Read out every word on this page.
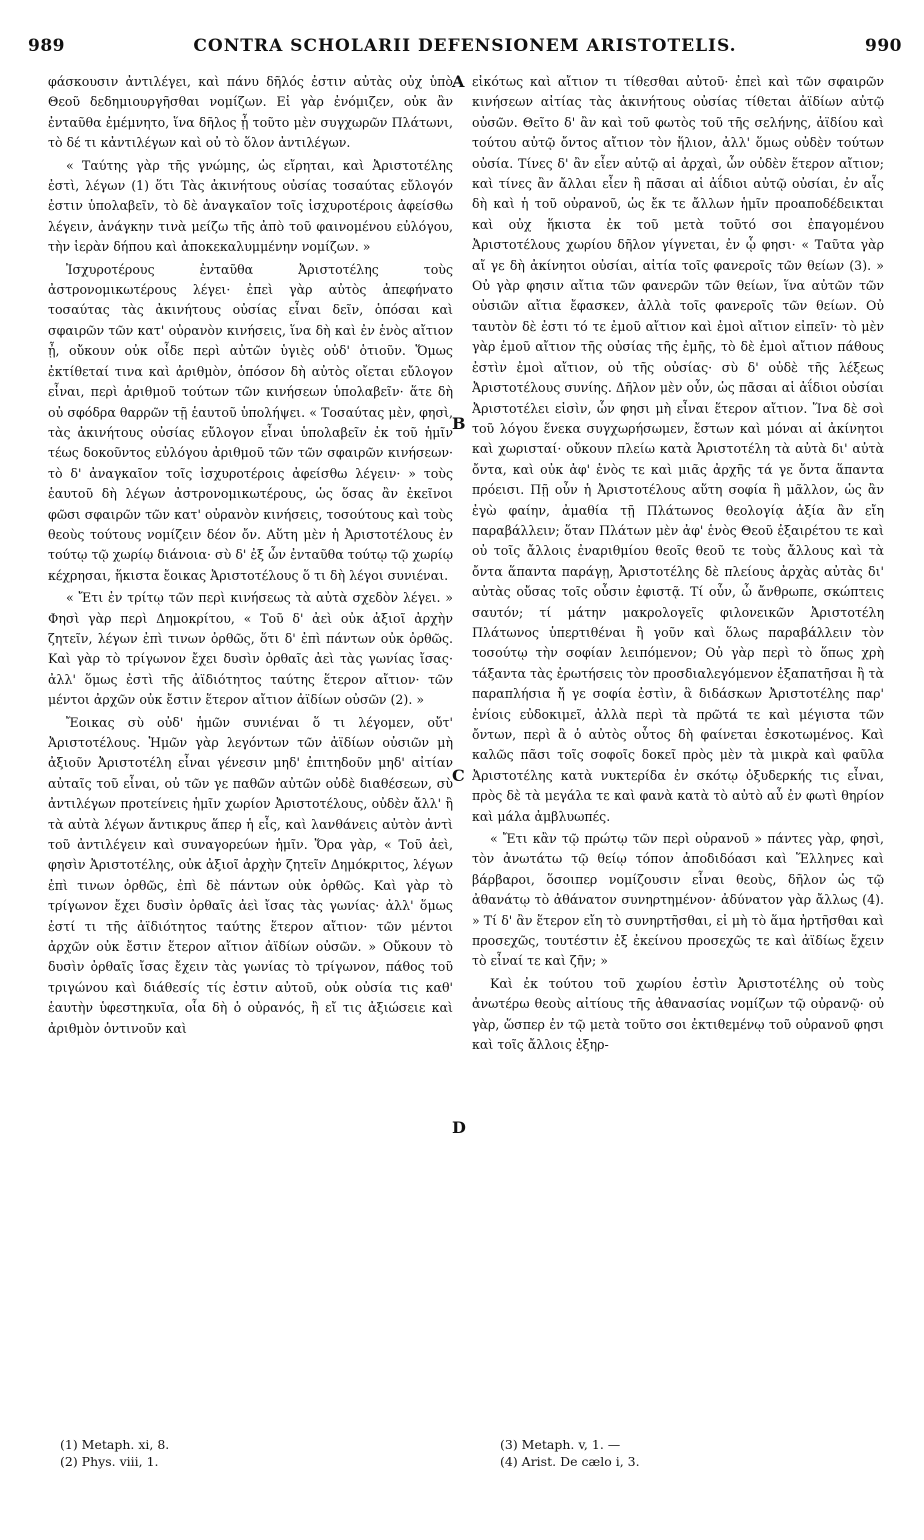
989	CONTRA SCHOLARII DEFENSIONEM ARISTOTELIS.	990

φάσκουσιν ἀντιλέγει, καὶ πάνυ δῆλός ἐστιν αὐτὰς οὐχ ὑπὸ Θεοῦ δεδημιουργῆσθαι νομίζων. Εἰ γὰρ ἐνόμιζεν, οὐκ ἂν ἐνταῦθα ἐμέμνητο, ἵνα δῆλος ᾖ τοῦτο μὲν συγχωρῶν Πλάτωνι, τὸ δέ τι κἀντιλέγων καὶ οὐ τὸ ὅλον ἀντιλέγων.

« Ταύτης γὰρ τῆς γνώμης, ὡς εἴρηται, καὶ Ἀριστοτέλης ἐστὶ, λέγων (1) ὅτι Τὰς ἀκινήτους οὐσίας τοσαύτας εὔλογόν ἐστιν ὑπολαβεῖν, τὸ δὲ ἀναγκαῖον τοῖς ἰσχυροτέροις ἀφείσθω λέγειν, ἀνάγκην τινὰ μείζω τῆς ἀπὸ τοῦ φαινομένου εὐλόγου, τὴν ἱερὰν δήπου καὶ ἀποκεκαλυμμένην νομίζων. »

Ἰσχυροτέρους ἐνταῦθα Ἀριστοτέλης τοὺς ἀστρονομικωτέρους λέγει· ἐπεὶ γὰρ αὐτὸς ἀπεφήνατο τοσαύτας τὰς ἀκινήτους οὐσίας εἶναι δεῖν, ὁπόσαι καὶ σφαιρῶν τῶν κατ' οὐρανὸν κινήσεις, ἵνα δὴ καὶ ἐν ἑνὸς αἴτιον ᾖ, οὔκουν οὐκ οἶδε περὶ αὐτῶν ὑγιὲς οὐδ' ὁτιοῦν. Ὅμως ἐκτίθεταί τινα καὶ ἀριθμὸν, ὁπόσον δὴ αὐτὸς οἴεται εὔλογον εἶναι, περὶ ἀριθμοῦ τούτων τῶν κινήσεων ὑπολαβεῖν· ἅτε δὴ οὐ σφόδρα θαρρῶν τῇ ἑαυτοῦ ὑπολήψει. « Τοσαύτας μὲν, φησὶ, τὰς ἀκινήτους οὐσίας εὔλογον εἶναι ὑπολαβεῖν ἐκ τοῦ ἡμῖν τέως δοκοῦντος εὐλόγου ἀριθμοῦ τῶν τῶν σφαιρῶν κινήσεων· τὸ δ' ἀναγκαῖον τοῖς ἰσχυροτέροις ἀφείσθω λέγειν· » τοὺς ἑαυτοῦ δὴ λέγων ἀστρονομικωτέρους, ὡς ὅσας ἂν ἐκεῖνοι φῶσι σφαιρῶν τῶν κατ' οὐρανὸν κινήσεις, τοσούτους καὶ τοὺς θεοὺς τούτους νομίζειν δέον ὄν. Αὕτη μὲν ἡ Ἀριστοτέλους ἐν τούτῳ τῷ χωρίῳ διάνοια· σὺ δ' ἐξ ὧν ἐνταῦθα τούτῳ τῷ χωρίῳ κέχρησαι, ἥκιστα ἔοικας Ἀριστοτέλους ὅ τι δὴ λέγοι συνιέναι.

« Ἔτι ἐν τρίτῳ τῶν περὶ κινήσεως τὰ αὐτὰ σχεδὸν λέγει. » Φησὶ γὰρ περὶ Δημοκρίτου, « Τοῦ δ' ἀεὶ οὐκ ἀξιοῖ ἀρχὴν ζητεῖν, λέγων ἐπὶ τινων ὀρθῶς, ὅτι δ' ἐπὶ πάντων οὐκ ὀρθῶς. Καὶ γὰρ τὸ τρίγωνον ἔχει δυσὶν ὀρθαῖς ἀεὶ τὰς γωνίας ἴσας· ἀλλ' ὅμως ἐστὶ τῆς ἀϊδιότητος ταύτης ἕτερον αἴτιον· τῶν μέντοι ἀρχῶν οὐκ ἔστιν ἕτερον αἴτιον ἀϊδίων οὐσῶν (2). »

Ἔοικας σὺ οὐδ' ἡμῶν συνιέναι ὅ τι λέγομεν, οὔτ' Ἀριστοτέλους. Ἡμῶν γὰρ λεγόντων τῶν ἀϊδίων οὐσιῶν μὴ ἀξιοῦν Ἀριστοτέλη εἶναι γένεσιν μηδ' ἐπιτηδοῦν μηδ' αἰτίαν αὐταῖς τοῦ εἶναι, οὐ τῶν γε παθῶν αὐτῶν οὐδὲ διαθέσεων, σὺ ἀντιλέγων προτείνεις ἡμῖν χωρίον Ἀριστοτέλους, οὐδὲν ἄλλ' ἢ τὰ αὐτὰ λέγων ἄντικρυς ἅπερ ἡ εἶς, καὶ λανθάνεις αὐτὸν ἀντὶ τοῦ ἀντιλέγειν καὶ συναγορεύων ἡμῖν. Ὅρα γὰρ, « Τοῦ ἀεὶ, φησὶν Ἀριστοτέλης, οὐκ ἀξιοῖ ἀρχὴν ζητεῖν Δημόκριτος, λέγων ἐπὶ τινων ὀρθῶς, ἐπὶ δὲ πάντων οὐκ ὀρθῶς. Καὶ γὰρ τὸ τρίγωνον ἔχει δυσὶν ὀρθαῖς ἀεὶ ἴσας τὰς γωνίας· ἀλλ' ὅμως ἐστί τι τῆς ἀϊδιότητος ταύτης ἕτερον αἴτιον· τῶν μέντοι ἀρχῶν οὐκ ἔστιν ἕτερον αἴτιον ἀϊδίων οὐσῶν. » Οὔκουν τὸ δυσὶν ὀρθαῖς ἴσας ἔχειν τὰς γωνίας τὸ τρίγωνον, πάθος τοῦ τριγώνου καὶ διάθεσίς τίς ἐστιν αὐτοῦ, οὐκ οὐσία τις καθ' ἑαυτὴν ὑφεστηκυῖα, οἷα δὴ ὁ οὐρανός, ἢ εἴ τις ἀξιώσειε καὶ ἀριθμὸν ὁντινοῦν καὶ

A
B
C
D

εἰκότως καὶ αἴτιον τι τίθεσθαι αὐτοῦ· ἐπεὶ καὶ τῶν σφαιρῶν κινήσεων αἰτίας τὰς ἀκινήτους οὐσίας τίθεται ἀϊδίων αὐτῷ οὐσῶν. Θεῖτο δ' ἂν καὶ τοῦ φωτὸς τοῦ τῆς σελήνης, ἀϊδίου καὶ τούτου αὐτῷ ὄντος αἴτιον τὸν ἥλιον, ἀλλ' ὅμως οὐδὲν τούτων οὐσία. Τίνες δ' ἂν εἶεν αὐτῷ αἱ ἀρχαὶ, ὧν οὐδὲν ἕτερον αἴτιον; καὶ τίνες ἂν ἄλλαι εἶεν ἢ πᾶσαι αἱ ἀΐδιοι αὐτῷ οὐσίαι, ἐν αἷς δὴ καὶ ἡ τοῦ οὐρανοῦ, ὡς ἔκ τε ἄλλων ἡμῖν προαποδέδεικται καὶ οὐχ ἥκιστα ἐκ τοῦ μετὰ τοῦτό σοι ἐπαγομένου Ἀριστοτέλους χωρίου δῆλον γίγνεται, ἐν ᾧ φησι· « Ταῦτα γὰρ αἴ γε δὴ ἀκίνητοι οὐσίαι, αἰτία τοῖς φανεροῖς τῶν θείων (3). » Οὐ γὰρ φησιν αἴτια τῶν φανερῶν τῶν θείων, ἵνα αὐτῶν τῶν οὐσιῶν αἴτια ἔφασκεν, ἀλλὰ τοῖς φανεροῖς τῶν θείων. Οὐ ταυτὸν δὲ ἐστι τό τε ἐμοῦ αἴτιον καὶ ἐμοὶ αἴτιον εἰπεῖν· τὸ μὲν γὰρ ἐμοῦ αἴτιον τῆς οὐσίας τῆς ἐμῆς, τὸ δὲ ἐμοὶ αἴτιον πάθους ἐστὶν ἐμοὶ αἴτιον, οὐ τῆς οὐσίας· σὺ δ' οὐδὲ τῆς λέξεως Ἀριστοτέλους συνίης. Δῆλον μὲν οὖν, ὡς πᾶσαι αἱ ἀΐδιοι οὐσίαι Ἀριστοτέλει εἰσὶν, ὧν φησι μὴ εἶναι ἕτερον αἴτιον. Ἵνα δὲ σοὶ τοῦ λόγου ἕνεκα συγχωρήσωμεν, ἔστων καὶ μόναι αἱ ἀκίνητοι καὶ χωρισταί· οὔκουν πλείω κατὰ Ἀριστοτέλη τὰ αὐτὰ δι' αὐτὰ ὄντα, καὶ οὐκ ἀφ' ἑνὸς τε καὶ μιᾶς ἀρχῆς τά γε ὄντα ἅπαντα πρόεισι. Πῇ οὖν ἡ Ἀριστοτέλους αὕτη σοφία ἢ μᾶλλον, ὡς ἂν ἐγὼ φαίην, ἀμαθία τῇ Πλάτωνος θεολογίᾳ ἀξία ἂν εἴη παραβάλλειν; ὅταν Πλάτων μὲν ἀφ' ἑνὸς Θεοῦ ἐξαιρέτου τε καὶ οὐ τοῖς ἄλλοις ἐναριθμίου θεοῖς θεοῦ τε τοὺς ἄλλους καὶ τὰ ὄντα ἅπαντα παράγῃ, Ἀριστοτέλης δὲ πλείους ἀρχὰς αὐτὰς δι' αὐτὰς οὔσας τοῖς οὖσιν ἐφιστᾷ. Τί οὖν, ὦ ἄνθρωπε, σκώπτεις σαυτόν; τί μάτην μακρολογεῖς φιλονεικῶν Ἀριστοτέλη Πλάτωνος ὑπερτιθέναι ἢ γοῦν καὶ ὅλως παραβάλλειν τὸν τοσούτῳ τὴν σοφίαν λειπόμενον; Οὐ γὰρ περὶ τὸ ὅπως χρὴ τάξαντα τὰς ἐρωτήσεις τὸν προσδιαλεγόμενον ἐξαπατῆσαι ἢ τὰ παραπλήσια ἤ γε σοφία ἐστὶν, ἃ διδάσκων Ἀριστοτέλης παρ' ἐνίοις εὐδοκιμεῖ, ἀλλὰ περὶ τὰ πρῶτά τε καὶ μέγιστα τῶν ὄντων, περὶ ἃ ὁ αὐτὸς οὗτος δὴ φαίνεται ἐσκοτωμένος. Καὶ καλῶς πᾶσι τοῖς σοφοῖς δοκεῖ πρὸς μὲν τὰ μικρὰ καὶ φαῦλα Ἀριστοτέλης κατὰ νυκτερίδα ἐν σκότῳ ὀξυδερκής τις εἶναι, πρὸς δὲ τὰ μεγάλα τε καὶ φανὰ κατὰ τὸ αὐτὸ αὖ ἐν φωτὶ θηρίον καὶ μάλα ἀμβλυωπές.

« Ἔτι κἂν τῷ πρώτῳ τῶν περὶ οὐρανοῦ » πάντες γὰρ, φησὶ, τὸν ἀνωτάτω τῷ θείῳ τόπον ἀποδιδόασι καὶ Ἕλληνες καὶ βάρβαροι, ὅσοιπερ νομίζουσιν εἶναι θεοὺς, δῆλον ὡς τῷ ἀθανάτῳ τὸ ἀθάνατον συνηρτημένον· ἀδύνατον γὰρ ἄλλως (4). » Τί δ' ἂν ἕτερον εἴη τὸ συνηρτῆσθαι, εἰ μὴ τὸ ἅμα ἠρτῆσθαι καὶ προσεχῶς, τουτέστιν ἐξ ἐκείνου προσεχῶς τε καὶ ἀϊδίως ἔχειν τὸ εἶναί τε καὶ ζῆν; »

Καὶ ἐκ τούτου τοῦ χωρίου ἐστὶν Ἀριστοτέλης οὐ τοὺς ἀνωτέρω θεοὺς αἰτίους τῆς ἀθανασίας νομίζων τῷ οὐρανῷ· οὐ γὰρ, ὥσπερ ἐν τῷ μετὰ τοῦτο σοι ἐκτιθεμένῳ τοῦ οὐρανοῦ φησι καὶ τοῖς ἄλλοις ἐξηρ-

(1) Metaph. xi, 8.
(2) Phys. viii, 1.
(3) Metaph. v, 1. —
(4) Arist. De cælo i, 3.
